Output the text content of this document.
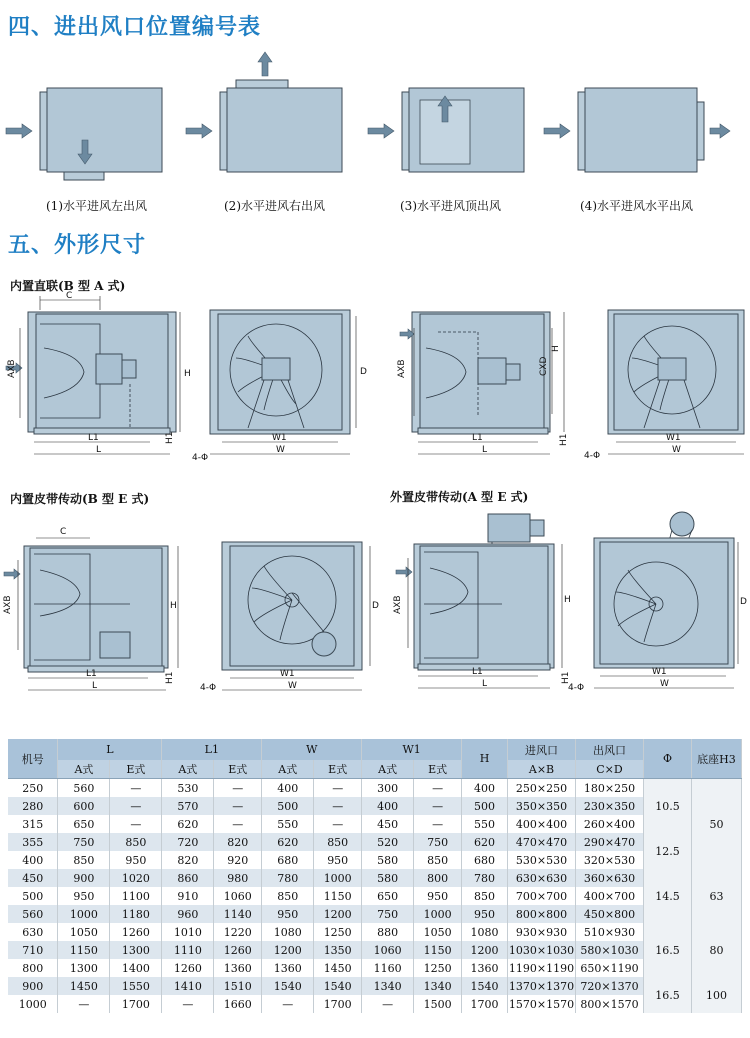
四、进出风口位置编号表
(1)水平进风左出风	(2)水平进风右出风	(3)水平进风顶出风	(4)水平进风水平出风
五、外形尺寸
内置直联(B 型 A 式)
C
AXB	H
L1
L
H1
D
W1
W
4-Φ
AXB	CXD
H
L1
L
H1	W1
W
4-Φ
内置皮带传动(B 型 E 式)	外置皮带传动(A 型 E 式)
C
AXB	H
L1
L
H1
D
W1
W
4-Φ
AXB	H
L1
L	H1
D
W1
W
4-Φ
机号	L		L1		W		W1		H	进风口	出风口	Φ	底座H3
	A式	E式	A式	E式	A式	E式	A式	E式		A×B	C×D		
250	560	—	530	—	400	—	300	—	400	250×250	180×250	10.5	50
280	600	—	570	—	500	—	400	—	500	350×350	230×350		
315	650	—	620	—	550	—	450	—	550	400×400	260×400		
355	750	850	720	820	620	850	520	750	620	470×470	290×470	12.5	
400	850	950	820	920	680	950	580	850	680	530×530	320×530		
450	900	1020	860	980	780	1000	580	800	780	630×630	360×630	14.5	63
500	950	1100	910	1060	850	1150	650	950	850	700×700	400×700		
560	1000	1180	960	1140	950	1200	750	1000	950	800×800	450×800		
630	1050	1260	1010	1220	1080	1250	880	1050	1080	930×930	510×930	16.5	80
710	1150	1300	1110	1260	1200	1350	1060	1150	1200	1030×1030	580×1030		
800	1300	1400	1260	1360	1360	1450	1160	1250	1360	1190×1190	650×1190		
900	1450	1550	1410	1510	1540	1540	1340	1340	1540	1370×1370	720×1370	16.5	100
1000	—	1700	—	1660	—	1700	—	1500	1700	1570×1570	800×1570		
